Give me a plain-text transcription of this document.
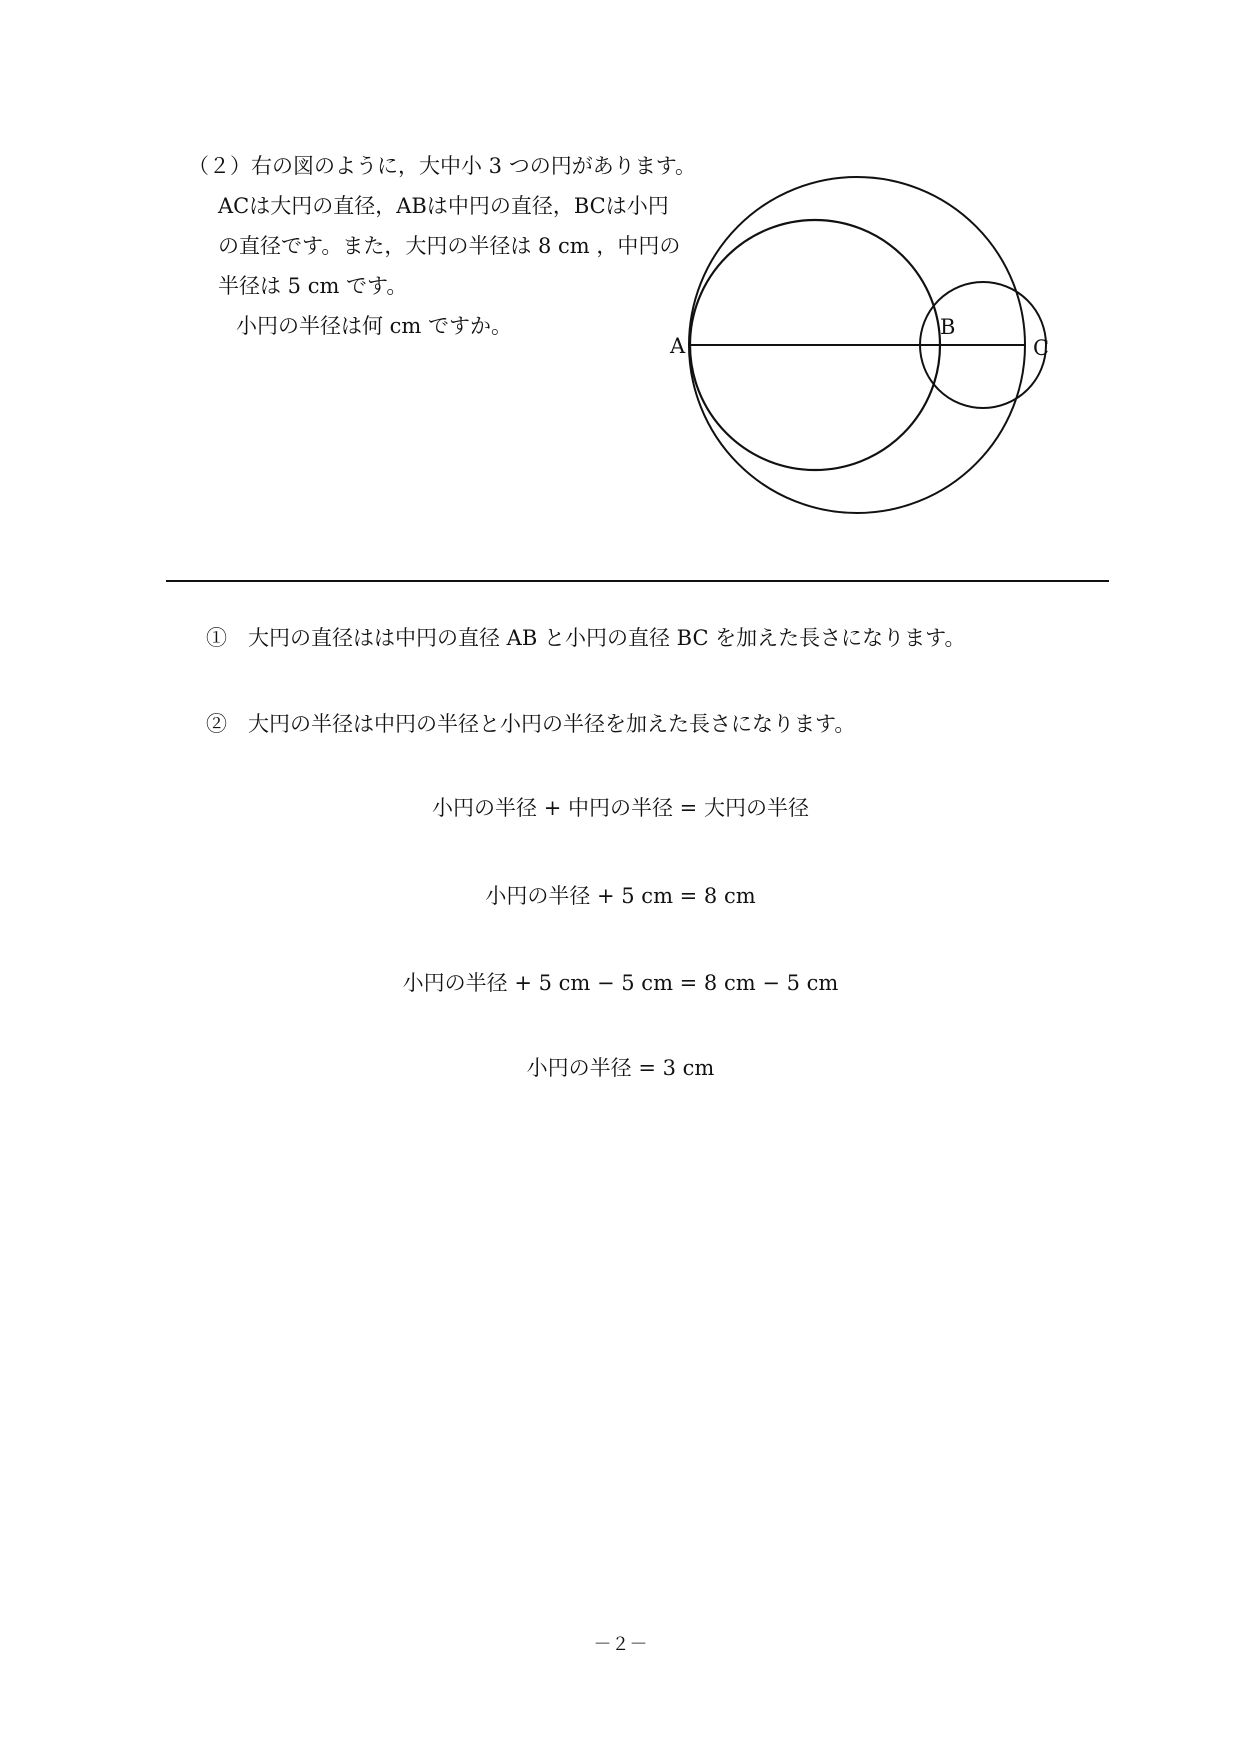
（２）右の図のように，大中小 3 つの円があります。
ACは大円の直径，ABは中円の直径，BCは小円
の直径です。また，大円の半径は 8 cm ，中円の
半径は 5 cm です。
小円の半径は何 cm ですか。
A
B
C
①　大円の直径はは中円の直径 AB と小円の直径 BC を加えた長さになります。
②　大円の半径は中円の半径と小円の半径を加えた長さになります。
小円の半径 + 中円の半径 = 大円の半径
小円の半径 + 5 cm = 8 cm
小円の半径 + 5 cm − 5 cm = 8 cm − 5 cm
小円の半径 = 3 cm
－２－
